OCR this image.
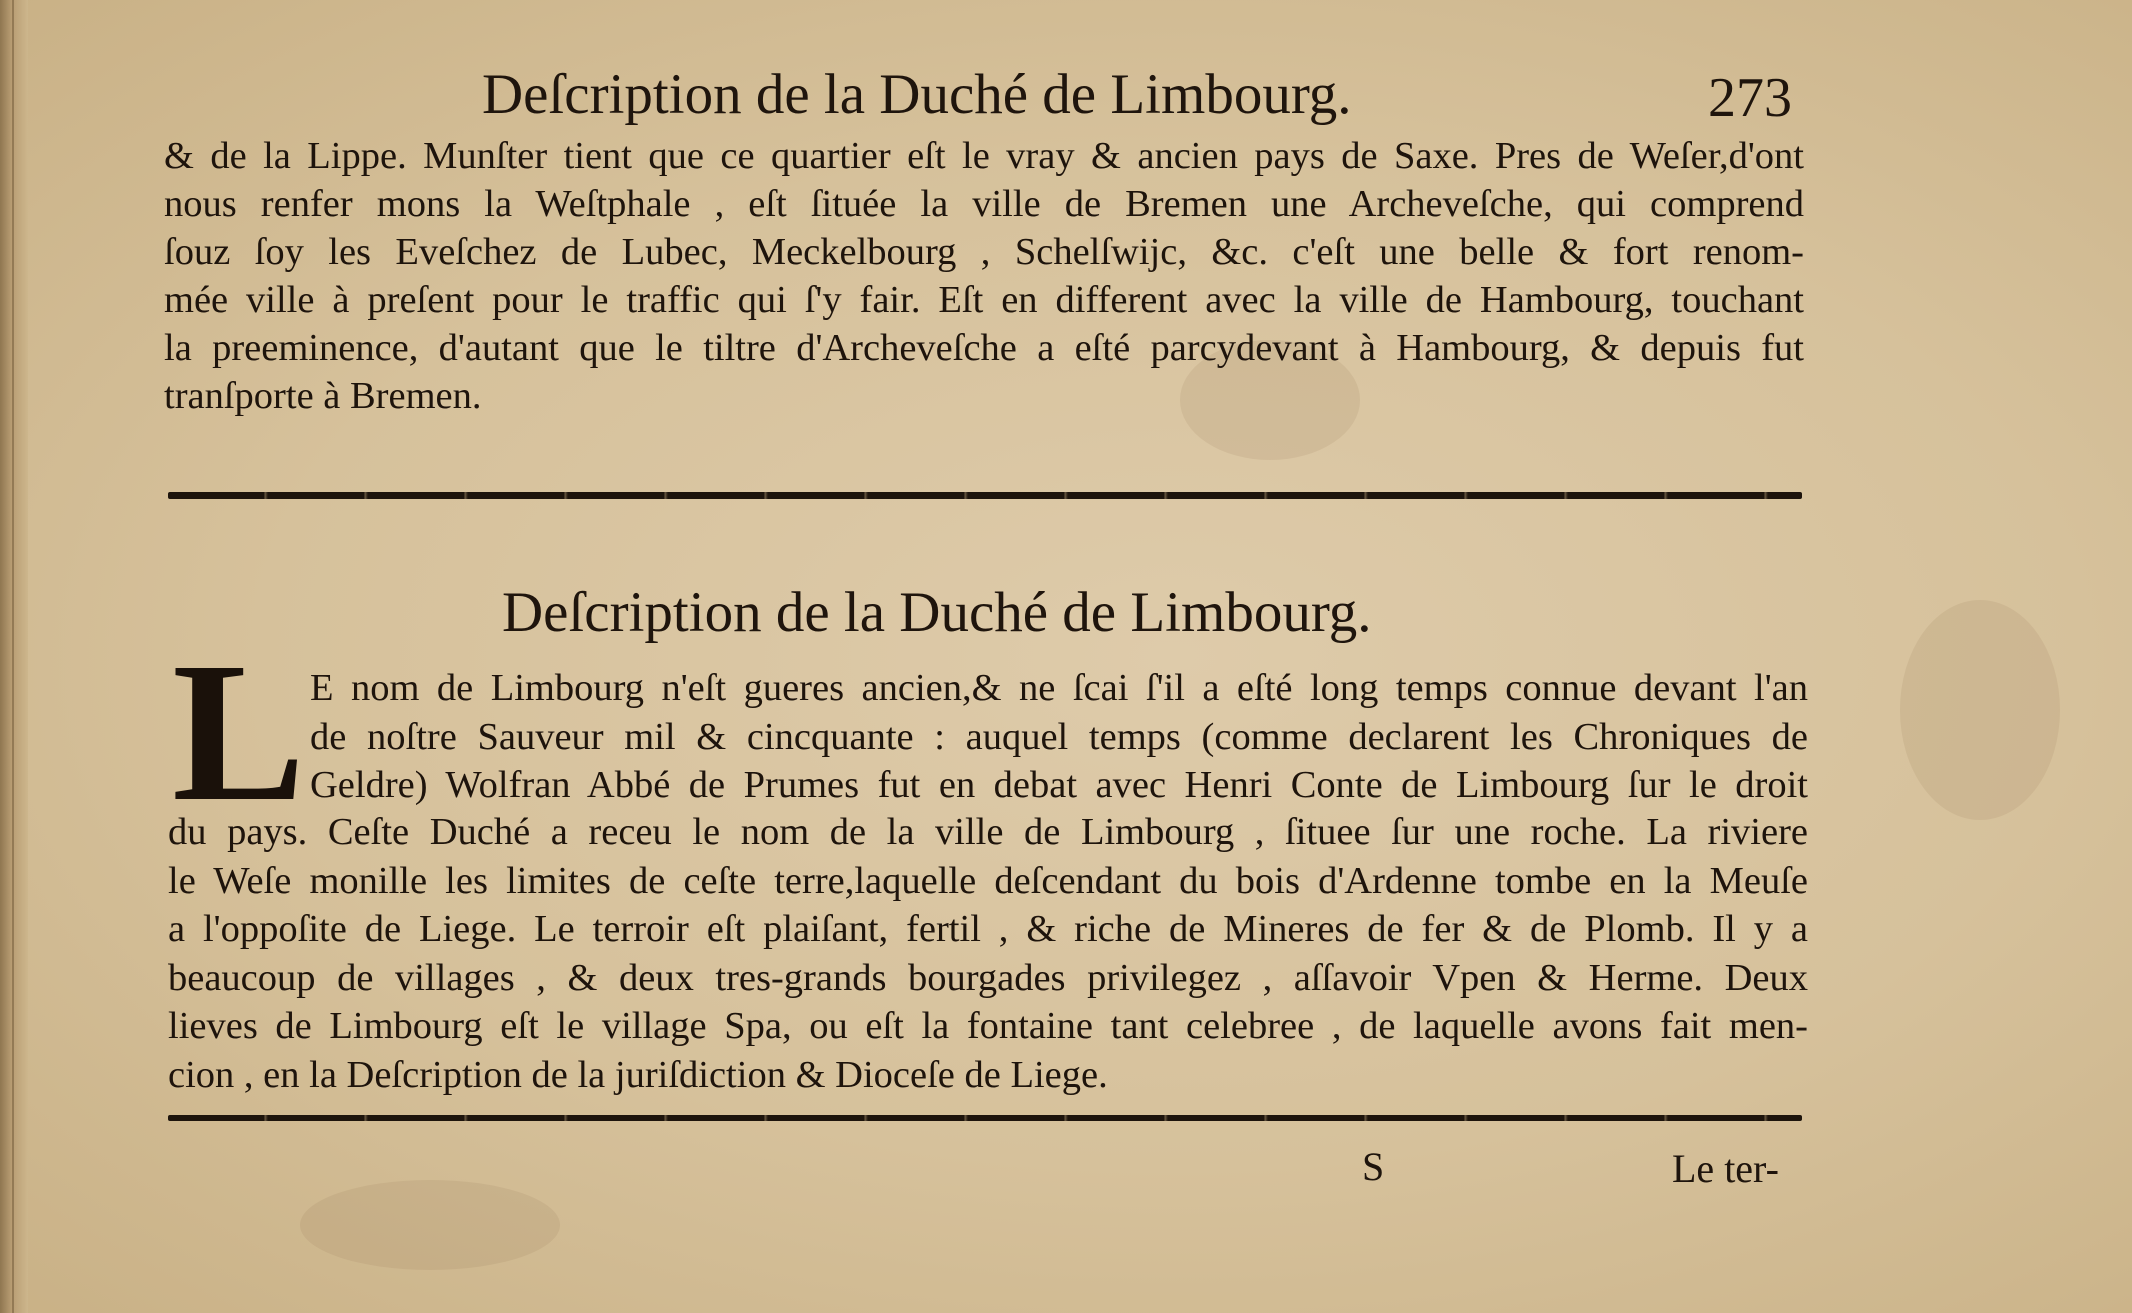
Deſcription de la Duché de Limbourg.	273
& de la Lippe. Munſter tient que ce quartier eſt le vray & ancien pays de Saxe. Pres de Weſer,d'ont
nous renfer mons la Weſtphale , eſt ſituée la ville de Bremen une Archeveſche, qui comprend
ſouz ſoy les Eveſchez de Lubec, Meckelbourg , Schelſwijc, &c. c'eſt une belle & fort renom-
mée ville à preſent pour le traffic qui ſ'y fair. Eſt en different avec la ville de Hambourg, touchant
la preeminence, d'autant que le tiltre d'Archeveſche a eſté parcydevant à Hambourg, & depuis fut
tranſporte à Bremen.
Deſcription de la Duché de Limbourg.
L E nom de Limbourg n'eſt gueres ancien,& ne ſcai ſ'il a eſté long temps connue devant l'an
de noſtre Sauveur mil & cincquante : auquel temps (comme declarent les Chroniques de
Geldre) Wolfran Abbé de Prumes fut en debat avec Henri Conte de Limbourg ſur le droit
du pays. Ceſte Duché a receu le nom de la ville de Limbourg , ſituee ſur une roche. La riviere
le Weſe monille les limites de ceſte terre,laquelle deſcendant du bois d'Ardenne tombe en la Meuſe
a l'oppoſite de Liege. Le terroir eſt plaiſant, fertil , & riche de Mineres de fer & de Plomb. Il y a
beaucoup de villages , & deux tres-grands bourgades privilegez , aſſavoir Vpen & Herme. Deux
lieves de Limbourg eſt le village Spa, ou eſt la fontaine tant celebree , de laquelle avons fait men-
cion , en la Deſcription de la juriſdiction & Dioceſe de Liege.
S	Le ter-
